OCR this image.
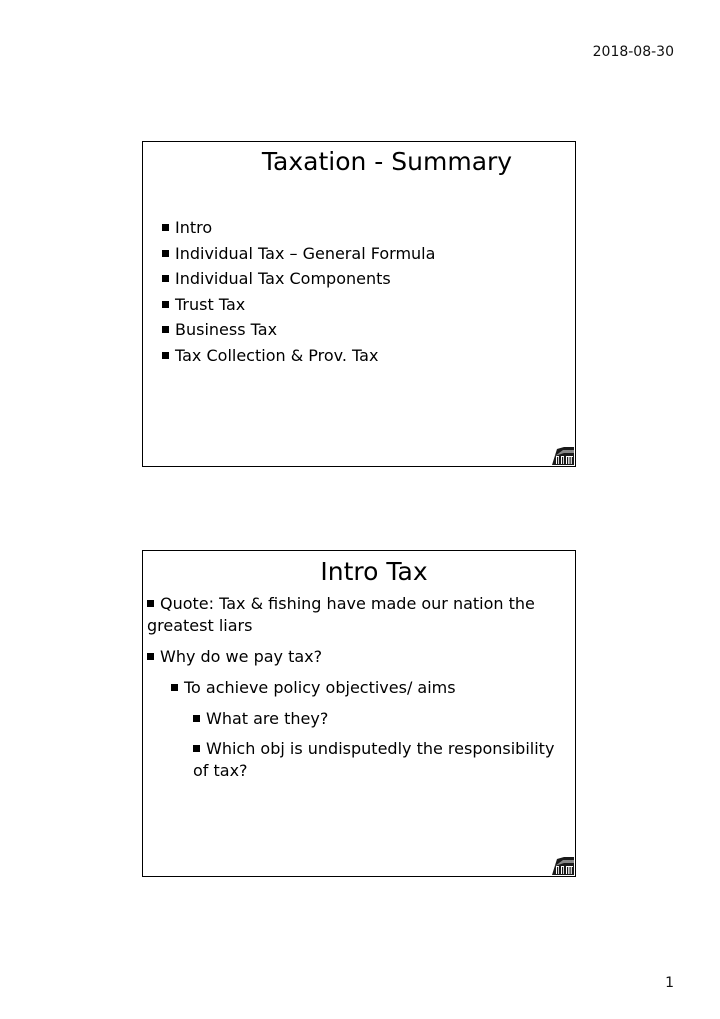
2018-08-30
Taxation - Summary
Intro
Individual Tax – General Formula
Individual Tax Components
Trust Tax
Business Tax
Tax Collection & Prov. Tax
Intro Tax
Quote: Tax & fishing have made our nation the greatest liars
Why do we pay tax?
To achieve policy objectives/ aims
What are they?
Which obj is undisputedly the responsibility of tax?
1
